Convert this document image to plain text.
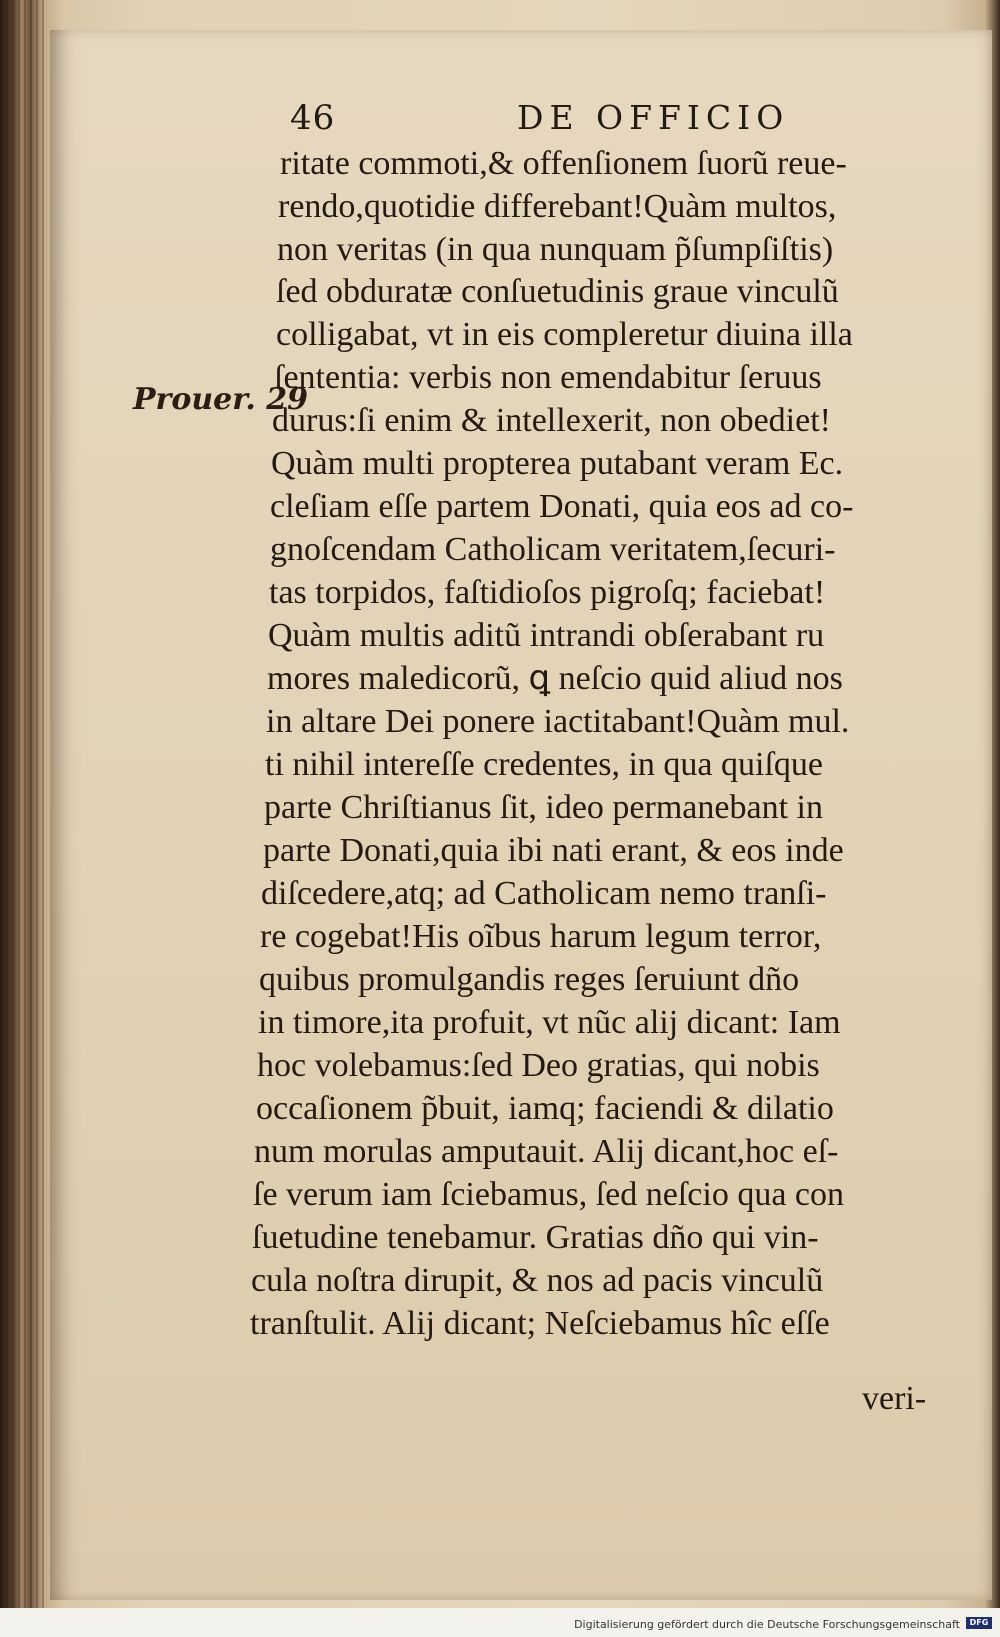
46	DE OFFICIO
Prouer. 29
ritate commoti,& offenſionem ſuorũ reue-
rendo,quotidie differebant!Quàm multos,
non veritas (in qua nunquam p̃ſumpſiſtis)
ſed obduratæ conſuetudinis graue vinculũ
colligabat, vt in eis compleretur diuina illa
ſententia: verbis non emendabitur ſeruus
durus:ſi enim & intellexerit, non obediet!
Quàm multi propterea putabant veram Ec.
cleſiam eſſe partem Donati, quia eos ad co-
gnoſcendam Catholicam veritatem,ſecuri-
tas torpidos, faſtidioſos pigroſq; faciebat!
Quàm multis aditũ intrandi obſerabant ru
mores maledicorũ, ꝗ neſcio quid aliud nos
in altare Dei ponere iactitabant!Quàm mul.
ti nihil intereſſe credentes, in qua quiſque
parte Chriſtianus ſit, ideo permanebant in
parte Donati,quia ibi nati erant, & eos inde
diſcedere,atq; ad Catholicam nemo tranſi-
re cogebat!His oĩbus harum legum terror,
quibus promulgandis reges ſeruiunt dño
in timore,ita profuit, vt nũc alij dicant: Iam
hoc volebamus:ſed Deo gratias, qui nobis
occaſionem p̃buit, iamq; faciendi & dilatio
num morulas amputauit. Alij dicant,hoc eſ-
ſe verum iam ſciebamus, ſed neſcio qua con
ſuetudine tenebamur. Gratias dño qui vin-
cula noſtra dirupit, & nos ad pacis vinculũ
tranſtulit. Alij dicant; Neſciebamus hîc eſſe
veri-
Digitalisierung gefördert durch die Deutsche Forschungsgemeinschaft	DFG
